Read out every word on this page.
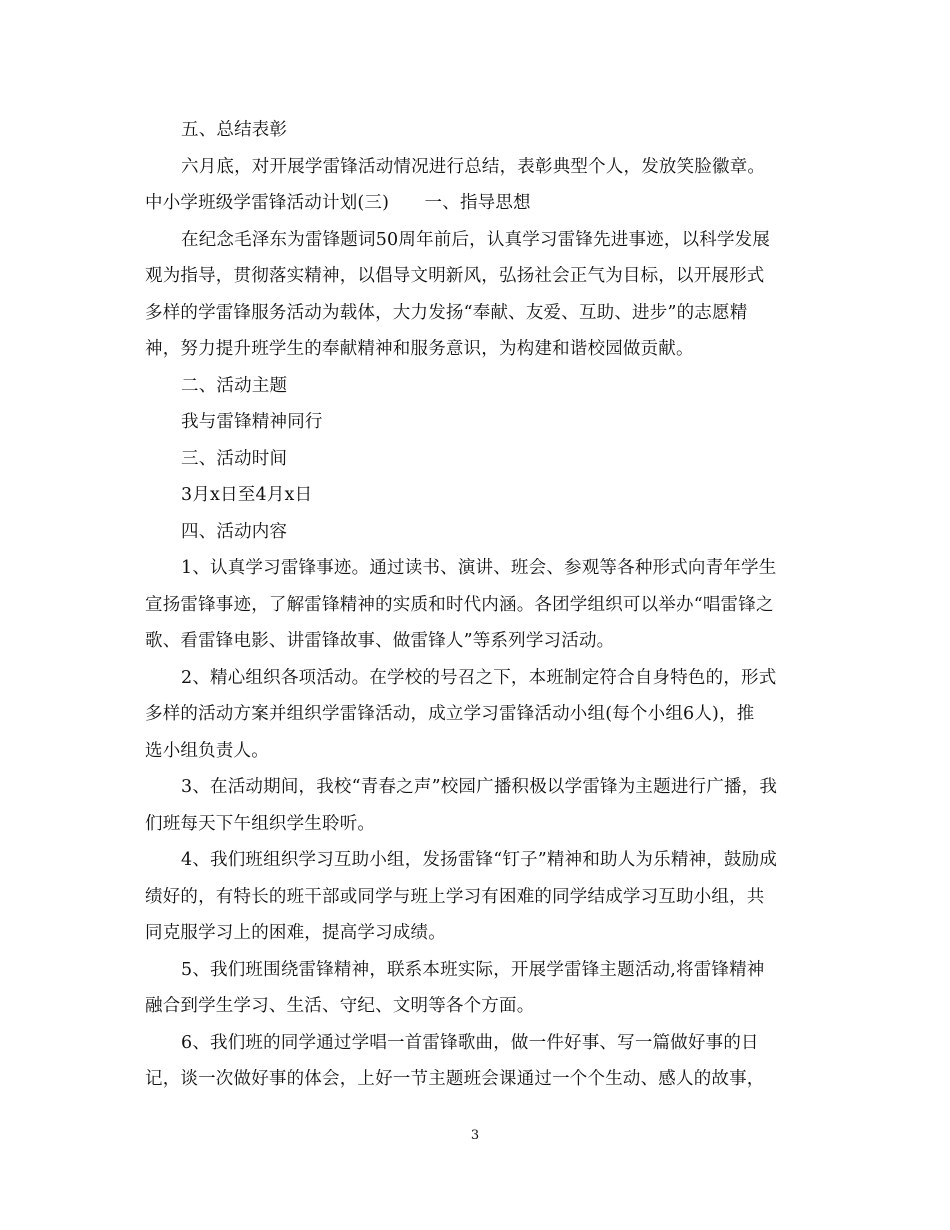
五、总结表彰
六月底，对开展学雷锋活动情况进行总结，表彰典型个人，发放笑脸徽章。
中小学班级学雷锋活动计划(三)　　一、指导思想
在纪念毛泽东为雷锋题词50周年前后，认真学习雷锋先进事迹，以科学发展
观为指导，贯彻落实精神，以倡导文明新风，弘扬社会正气为目标，以开展形式
多样的学雷锋服务活动为载体，大力发扬“奉献、友爱、互助、进步”的志愿精
神，努力提升班学生的奉献精神和服务意识，为构建和谐校园做贡献。
二、活动主题
我与雷锋精神同行
三、活动时间
3月x日至4月x日
四、活动内容
1、认真学习雷锋事迹。通过读书、演讲、班会、参观等各种形式向青年学生
宣扬雷锋事迹，了解雷锋精神的实质和时代内涵。各团学组织可以举办“唱雷锋之
歌、看雷锋电影、讲雷锋故事、做雷锋人”等系列学习活动。
2、精心组织各项活动。在学校的号召之下，本班制定符合自身特色的，形式
多样的活动方案并组织学雷锋活动，成立学习雷锋活动小组(每个小组6人)，推
选小组负责人。
3、在活动期间，我校“青春之声”校园广播积极以学雷锋为主题进行广播，我
们班每天下午组织学生聆听。
4、我们班组织学习互助小组，发扬雷锋“钉子”精神和助人为乐精神，鼓励成
绩好的，有特长的班干部或同学与班上学习有困难的同学结成学习互助小组，共
同克服学习上的困难，提高学习成绩。
5、我们班围绕雷锋精神，联系本班实际，开展学雷锋主题活动,将雷锋精神
融合到学生学习、生活、守纪、文明等各个方面。
6、我们班的同学通过学唱一首雷锋歌曲，做一件好事、写一篇做好事的日
记，谈一次做好事的体会，上好一节主题班会课通过一个个生动、感人的故事，
3
